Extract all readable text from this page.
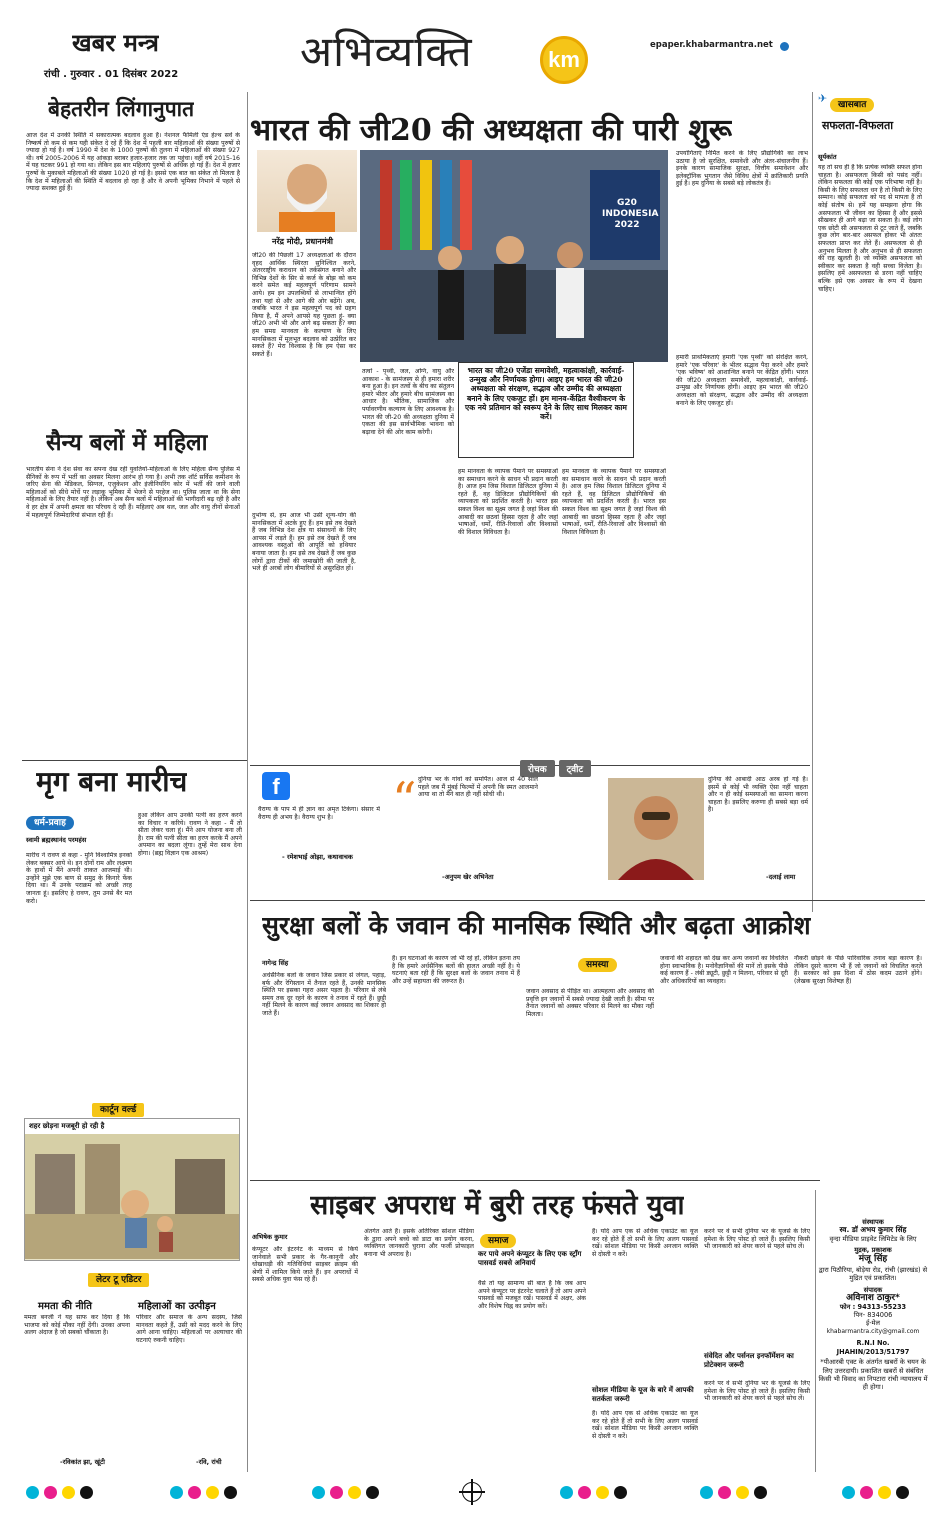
खबर मन्त्र
रांची . गुरुवार . 01 दिसंबर 2022	अभिव्यक्ति	km
epaper.khabarmantra.net
बेहतरीन लिंगानुपात
आज देश में उनकी स्थिति में सकारात्मक बदलाव हुआ है। नेशनल फैमिली एंड हेल्थ सर्वे के निष्कर्ष तो कम से कम यही संकेत दे रहे हैं कि देश में पहली बार महिलाओं की संख्या पुरुषों से ज्यादा हो गई है। वर्ष 1990 में देश के 1000 पुरुषों की तुलना में महिलाओं की संख्या 927 थी। वर्ष 2005-2006 में यह आंकड़ा बराबर हजार-हजार तक जा पहुंचा। वहीं वर्ष 2015-16 में यह घटकर 991 हो गया था। लेकिन इस बार महिलाएं पुरुषों से अधिक हो गई हैं। देश में हजार पुरुषों के मुकाबले महिलाओं की संख्या 1020 हो गई है। इससे एक बात का संकेत तो मिलता है कि देश में महिलाओं की स्थिति में बदलाव हो रहा है और वे अपनी भूमिका निभाने में पहले से ज्यादा सशक्त हुई हैं।
सैन्य बलों में महिला
भारतीय सेना ने देश सेवा का सपना देख रही युवतियों-महिलाओं के लिए महिला सैन्य पुलिस में सैनिकों के रूप में भर्ती का अवसर मिलना आरंभ हो गया है। अभी तक शॉर्ट सर्विस कमीशन के जरिए सेना की मेडिकल, सिग्नल, एजुकेशन और इंजीनियरिंग कोर में भर्ती की जाने वाली महिलाओं को सीधे मोर्चे पर लड़ाकू भूमिका में भेजने से परहेज था। पुलिस जाता था कि सेना महिलाओं के लिए तैयार नहीं है। लेकिन अब सैन्य बलों में महिलाओं की भागीदारी बढ़ रही है और वे हर क्षेत्र में अपनी क्षमता का परिचय दे रही हैं। महिलाएं अब थल, जल और वायु तीनों सेनाओं में महत्वपूर्ण जिम्मेदारियां संभाल रही हैं।
मृग बना मारीच
धर्म-प्रवाह
स्वामी ब्रह्मस्थानंद परमहंस
मारीच ने रावण से कहा - मुनि विश्वामित्र इनको लेकर बक्सर आये थे। इन दोनों राम और लक्ष्मण के हाथों में मैंने अपनी ताकत आजमाई थी। उन्होंने मुझे एक बाण से समुद्र के किनारे फेंक दिया था। मैं उनके पराक्रम को अच्छी तरह जानता हूं। इसलिए हे रावण, तुम उनसे बैर मत करो।
हुआ लेकिन आप उनकी पत्नी का हरण करने का विचार न करिये। रावण ने कहा - मैं तो सीता लेकर चला हूं। मैंने आप योजना बना ली है। राम की पत्नी सीता का हरण करके मैं अपने अपमान का बदला लूंगा। तुम्हें मेरा साथ देना होगा। (ब्रह्म विज्ञान एक आश्रम)
कार्टून वर्ल्ड
शहर छोड़ना मजबूरी हो रही है
लेटर टू एडिटर
ममता की नीति
ममता बनर्जी ने यह साफ कर दिया है कि भाजपा को कोई मौका नहीं देंगी। उनका अपना अलग अंदाज है जो सबको चौंकाता है।
-रविकांत झा, खूंटी
महिलाओं का उत्पीड़न
परिवार और समाज के अन्य सदस्य, जिसे मानवता कहते हैं, उसी को मदद करने के लिए आगे आना चाहिए। महिलाओं पर अत्याचार की घटनाएं रुकनी चाहिए।
-रवि, रांची
भारत की जी20 की अध्यक्षता की पारी शुरू
नरेंद्र मोदी, प्रधानमंत्री
G20 INDONESIA 2022
भारत का जी20 एजेंडा समावेशी, महत्वाकांक्षी, कार्रवाई-उन्मुख और निर्णायक होगा। आइए हम भारत की जी20 अध्यक्षता को संरक्षण, सद्भाव और उम्मीद की अध्यक्षता बनाने के लिए एकजुट हों। हम मानव-केंद्रित वैश्वीकरण के एक नये प्रतिमान को स्वरूप देने के लिए साथ मिलकर काम करें।
जी20 की पिछली 17 अध्यक्षताओं के दौरान वृहद आर्थिक स्थिरता सुनिश्चित करने, अंतरराष्ट्रीय कराधान को तर्कसंगत बनाने और विभिन्न देशों के सिर से कर्ज के बोझ को कम करने समेत कई महत्वपूर्ण परिणाम सामने आये। हम इन उपलब्धियों से लाभान्वित होंगे तथा यहां से और आगे की ओर बढ़ेंगे। अब, जबकि भारत ने इस महत्वपूर्ण पद को ग्रहण किया है, मैं अपने आपसे यह पूछता हूं- क्या जी20 अभी भी और आगे बढ़ सकता है? क्या हम समग्र मानवता के कल्याण के लिए मानसिकता में मूलभूत बदलाव को उत्प्रेरित कर सकते हैं? मेरा विश्वास है कि हम ऐसा कर सकते हैं।
दुर्भाग्य से, हम आज भी उसी शून्य-योग की मानसिकता में अटके हुए हैं। हम इसे तब देखते हैं जब विभिन्न देश क्षेत्र या संसाधनों के लिए आपस में लड़ते हैं। हम इसे तब देखते हैं जब आवश्यक वस्तुओं की आपूर्ति को हथियार बनाया जाता है। हम इसे तब देखते हैं जब कुछ लोगों द्वारा टीकों की जमाखोरी की जाती है, भले ही अरबों लोग बीमारियों से असुरक्षित हों।
तत्वों - पृथ्वी, जल, अग्नि, वायु और आकाश - के सामंजस्य से ही हमारा शरीर बना हुआ है। इन तत्वों के बीच का संतुलन हमारे भीतर और हमारे बीच सामंजस्य का आधार है। भौतिक, सामाजिक और पर्यावरणीय कल्याण के लिए आवश्यक है। भारत की जी-20 की अध्यक्षता दुनिया में एकता की इस सार्वभौमिक भावना को बढ़ावा देने की ओर काम करेगी।
हम मानवता के व्यापक पैमाने पर समस्याओं का समाधान करने के साधन भी प्रदान करती है। आज हम जिस विशाल डिजिटल दुनिया में रहते हैं, वह डिजिटल प्रौद्योगिकियों की व्यापकता को प्रदर्शित करती है। भारत इस सकल विश्व का सूक्ष्म जगत है जहां विश्व की आबादी का छठवां हिस्सा रहता है और जहां भाषाओं, धर्मों, रीति-रिवाजों और विश्वासों की विशाल विविधता है।
हम मानवता के व्यापक पैमाने पर समस्याओं का समाधान करने के साधन भी प्रदान करती है। आज हम जिस विशाल डिजिटल दुनिया में रहते हैं, वह डिजिटल प्रौद्योगिकियों की व्यापकता को प्रदर्शित करती है। भारत इस सकल विश्व का सूक्ष्म जगत है जहां विश्व की आबादी का छठवां हिस्सा रहता है और जहां भाषाओं, धर्मों, रीति-रिवाजों और विश्वासों की विशाल विविधता है।
उपयोगिताएं निर्मित करने के लिए प्रौद्योगिकी का लाभ उठाया है जो सुरक्षित, समावेशी और अंतर-संचालनीय हैं। इनके कारण सामाजिक सुरक्षा, वित्तीय समावेशन और इलेक्ट्रॉनिक भुगतान जैसे विविध क्षेत्रों में क्रांतिकारी प्रगति हुई है। हम दुनिया के सबसे बड़े लोकतंत्र हैं।
हमारी प्राथमिकताएं हमारी 'एक पृथ्वी' को संरक्षित करने, हमारे 'एक परिवार' के भीतर सद्भाव पैदा करने और हमारे 'एक भविष्य' को आशान्वित बनाने पर केंद्रित होंगी। भारत की जी20 अध्यक्षता समावेशी, महत्वाकांक्षी, कार्रवाई-उन्मुख और निर्णायक होगी। आइए हम भारत की जी20 अध्यक्षता को संरक्षण, सद्भाव और उम्मीद की अध्यक्षता बनाने के लिए एकजुट हों।
खासबात
✈
सफलता-विफलता
सूर्यकांत
यह तो सच ही है कि प्रत्येक व्यक्ति सफल होना चाहता है। असफलता किसी को पसंद नहीं। लेकिन सफलता की कोई एक परिभाषा नहीं है। किसी के लिए सफलता धन है तो किसी के लिए सम्मान। कोई सफलता को पद से मापता है तो कोई संतोष से। हमें यह समझना होगा कि असफलता भी जीवन का हिस्सा है और इससे सीखकर ही आगे बढ़ा जा सकता है। कई लोग एक छोटी सी असफलता से टूट जाते हैं, जबकि कुछ लोग बार-बार असफल होकर भी अंततः सफलता प्राप्त कर लेते हैं। असफलता से ही अनुभव मिलता है और अनुभव से ही सफलता की राह खुलती है। जो व्यक्ति असफलता को स्वीकार कर सकता है वही सच्चा विजेता है। इसलिए हमें असफलता से डरना नहीं चाहिए बल्कि इसे एक अवसर के रूप में देखना चाहिए।
रोचक	ट्वीट
f
वैराग्य के पाप में ही ज्ञान का अमृत टिकेगा। संसार में वैराग्य ही अभय है। वैराग्य शुभ है।
- रमेशभाई ओझा, कथावाचक
“ दुनिया भर के गांवों को समर्पित। आज से 40 साल पहले जब मैं मुंबई फिल्मों में अपनी कि स्मत आजमाने आया था तो मैंने बात ही नहीं सोची थी।
-अनुपम खेर अभिनेता
दुनिया की आबादी आठ अरब हो गई है। इसमें से कोई भी व्यक्ति ऐसा नहीं चाहता और न ही कोई समस्याओं का सामना करना चाहता है। इसलिए करुणा ही सबसे बड़ा धर्म है।
-दलाई लामा
सुरक्षा बलों के जवान की मानसिक स्थिति और बढ़ता आक्रोश
नागेन्द्र सिंह	समस्या
अर्धसैनिक बलों के जवान जिस प्रकार से जंगल, पहाड़, बर्फ और रेगिस्तान में तैनात रहते हैं, उनकी मानसिक स्थिति पर इसका गहरा असर पड़ता है। परिवार से लंबे समय तक दूर रहने के कारण वे तनाव में रहते हैं। छुट्टी नहीं मिलने के कारण कई जवान अवसाद का शिकार हो जाते हैं।
हैं। इन घटनाओं के कारण जो भी रहे हों, लेकिन इतना तय है कि हमारे अर्धसैनिक बलों की हालत अच्छी नहीं है। ये घटनाएं बता रही हैं कि सुरक्षा बलों के जवान तनाव में हैं और उन्हें सहायता की जरूरत है।
जवान अवसाद से पीड़ित था। आत्महत्या और अवसाद की प्रवृत्ति इन जवानों में सबसे ज्यादा देखी जाती है। सीमा पर तैनात जवानों को अक्सर परिवार से मिलने का मौका नहीं मिलता।
जवानों की शहादत को देख कर अन्य जवानों का विचलित होना स्वाभाविक है। मनोवैज्ञानिकों की मानें तो इसके पीछे कई कारण हैं - लंबी ड्यूटी, छुट्टी न मिलना, परिवार से दूरी और अधिकारियों का व्यवहार।
नौकरी छोड़ने के पीछे पारिवारिक तनाव बड़ा कारण है। लेकिन दूसरे कारण भी हैं जो जवानों को विचलित करते हैं। सरकार को इस दिशा में ठोस कदम उठाने होंगे। (लेखक सुरक्षा विशेषज्ञ हैं)
साइबर अपराध में बुरी तरह फंसते युवा
अभिषेक कुमार	समाज
कंप्यूटर और इंटरनेट के माध्यम से किये जानेवाले सभी प्रकार के गैर-कानूनी और धोखाधड़ी की गतिविधियां साइबर क्राइम की श्रेणी में शामिल किये जाते हैं। इन अपराधों में सबसे अधिक युवा फंस रहे हैं।
अंतर्गत आते हैं। इसके अतिरिक्त सोशल मीडिया के द्वारा अपने बच्चे को डाटा का प्रयोग करना, व्यक्तिगत जानकारी चुराना और फर्जी प्रोफाइल बनाना भी अपराध है।	कर पाये अपने कंप्यूटर के लिए एक स्ट्रॉंग पासवर्ड सबसे अनिवार्य
वैसे तो यह सामान्य सी बात है कि जब आप अपने कंप्यूटर पर इंटरनेट चलाते हैं तो आप अपने पासवर्ड को मजबूत रखें। पासवर्ड में अक्षर, अंक और विशेष चिह्न का प्रयोग करें।
हैं। यदि आप एक से अधिक एकाउंट का यूज कर रहे होते हैं तो सभी के लिए अलग पासवर्ड रखें। सोशल मीडिया पर किसी अनजान व्यक्ति से दोस्ती न करें।
सोशल मीडिया के यूज के बारे में आपकी सतर्कता जरूरी
हैं। यदि आप एक से अधिक एकाउंट का यूज कर रहे होते हैं तो सभी के लिए अलग पासवर्ड रखें। सोशल मीडिया पर किसी अनजान व्यक्ति से दोस्ती न करें।
करने पर वे सभी दुनिया भर के यूजर्स के लिए हमेशा के लिए पोस्ट हो जाते हैं। इसलिए किसी भी जानकारी को शेयर करने से पहले सोच लें।
संवेदित और पर्सनल इनफॉर्मेशन का प्रोटेक्शन जरूरी
करने पर वे सभी दुनिया भर के यूजर्स के लिए हमेशा के लिए पोस्ट हो जाते हैं। इसलिए किसी भी जानकारी को शेयर करने से पहले सोच लें।
संस्थापक
स्व. डॉ अभय कुमार सिंह
वृन्दा मीडिया प्राइवेट लिमिटेड के लिए
मुद्रक, प्रकाशक
मंजू सिंह
द्वारा पिठौरिया, बोड़ेया रोड, रांची (झारखंड) से मुद्रित एवं प्रकाशित।
संपादक
अविनाश ठाकुर*
फोन : 94313-55233
पिन- 834006
ई-मेल
khabarmantra.city@gmail.com
R.N.I No.
JHAHIN/2013/51797
*पीआरबी एक्ट के अंतर्गत खबरों के चयन के लिए उत्तरदायी। प्रकाशित खबरों से संबंधित किसी भी विवाद का निपटारा रांची न्यायालय में ही होगा।
